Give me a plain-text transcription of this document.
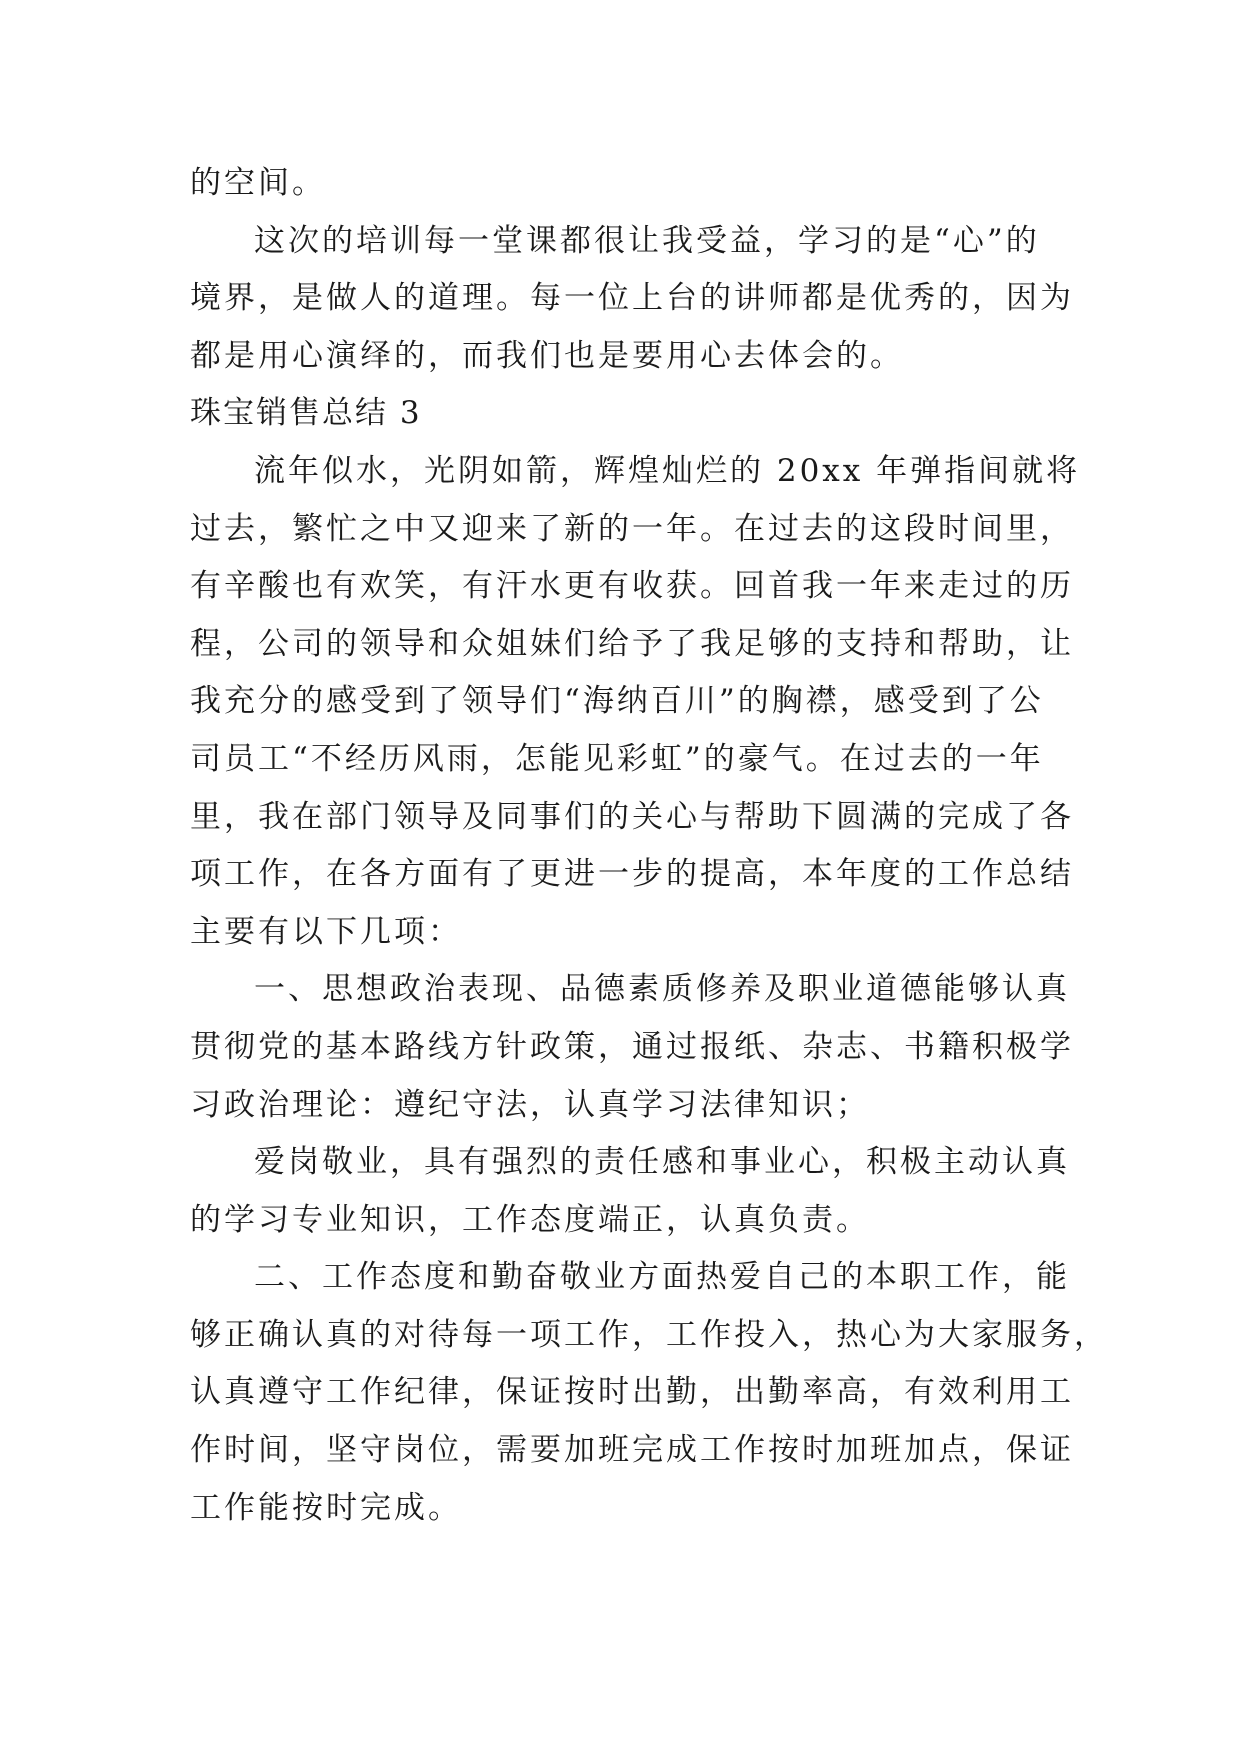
的空间。
这次的培训每一堂课都很让我受益，学习的是“心”的
境界，是做人的道理。每一位上台的讲师都是优秀的，因为
都是用心演绎的，而我们也是要用心去体会的。
珠宝销售总结 3
流年似水，光阴如箭，辉煌灿烂的 20xx 年弹指间就将
过去，繁忙之中又迎来了新的一年。在过去的这段时间里，
有辛酸也有欢笑，有汗水更有收获。回首我一年来走过的历
程，公司的领导和众姐妹们给予了我足够的支持和帮助，让
我充分的感受到了领导们“海纳百川”的胸襟，感受到了公
司员工“不经历风雨，怎能见彩虹”的豪气。在过去的一年
里，我在部门领导及同事们的关心与帮助下圆满的完成了各
项工作，在各方面有了更进一步的提高，本年度的工作总结
主要有以下几项：
一、思想政治表现、品德素质修养及职业道德能够认真
贯彻党的基本路线方针政策，通过报纸、杂志、书籍积极学
习政治理论：遵纪守法，认真学习法律知识；
爱岗敬业，具有强烈的责任感和事业心，积极主动认真
的学习专业知识，工作态度端正，认真负责。
二、工作态度和勤奋敬业方面热爱自己的本职工作，能
够正确认真的对待每一项工作，工作投入，热心为大家服务，
认真遵守工作纪律，保证按时出勤，出勤率高，有效利用工
作时间，坚守岗位，需要加班完成工作按时加班加点，保证
工作能按时完成。
